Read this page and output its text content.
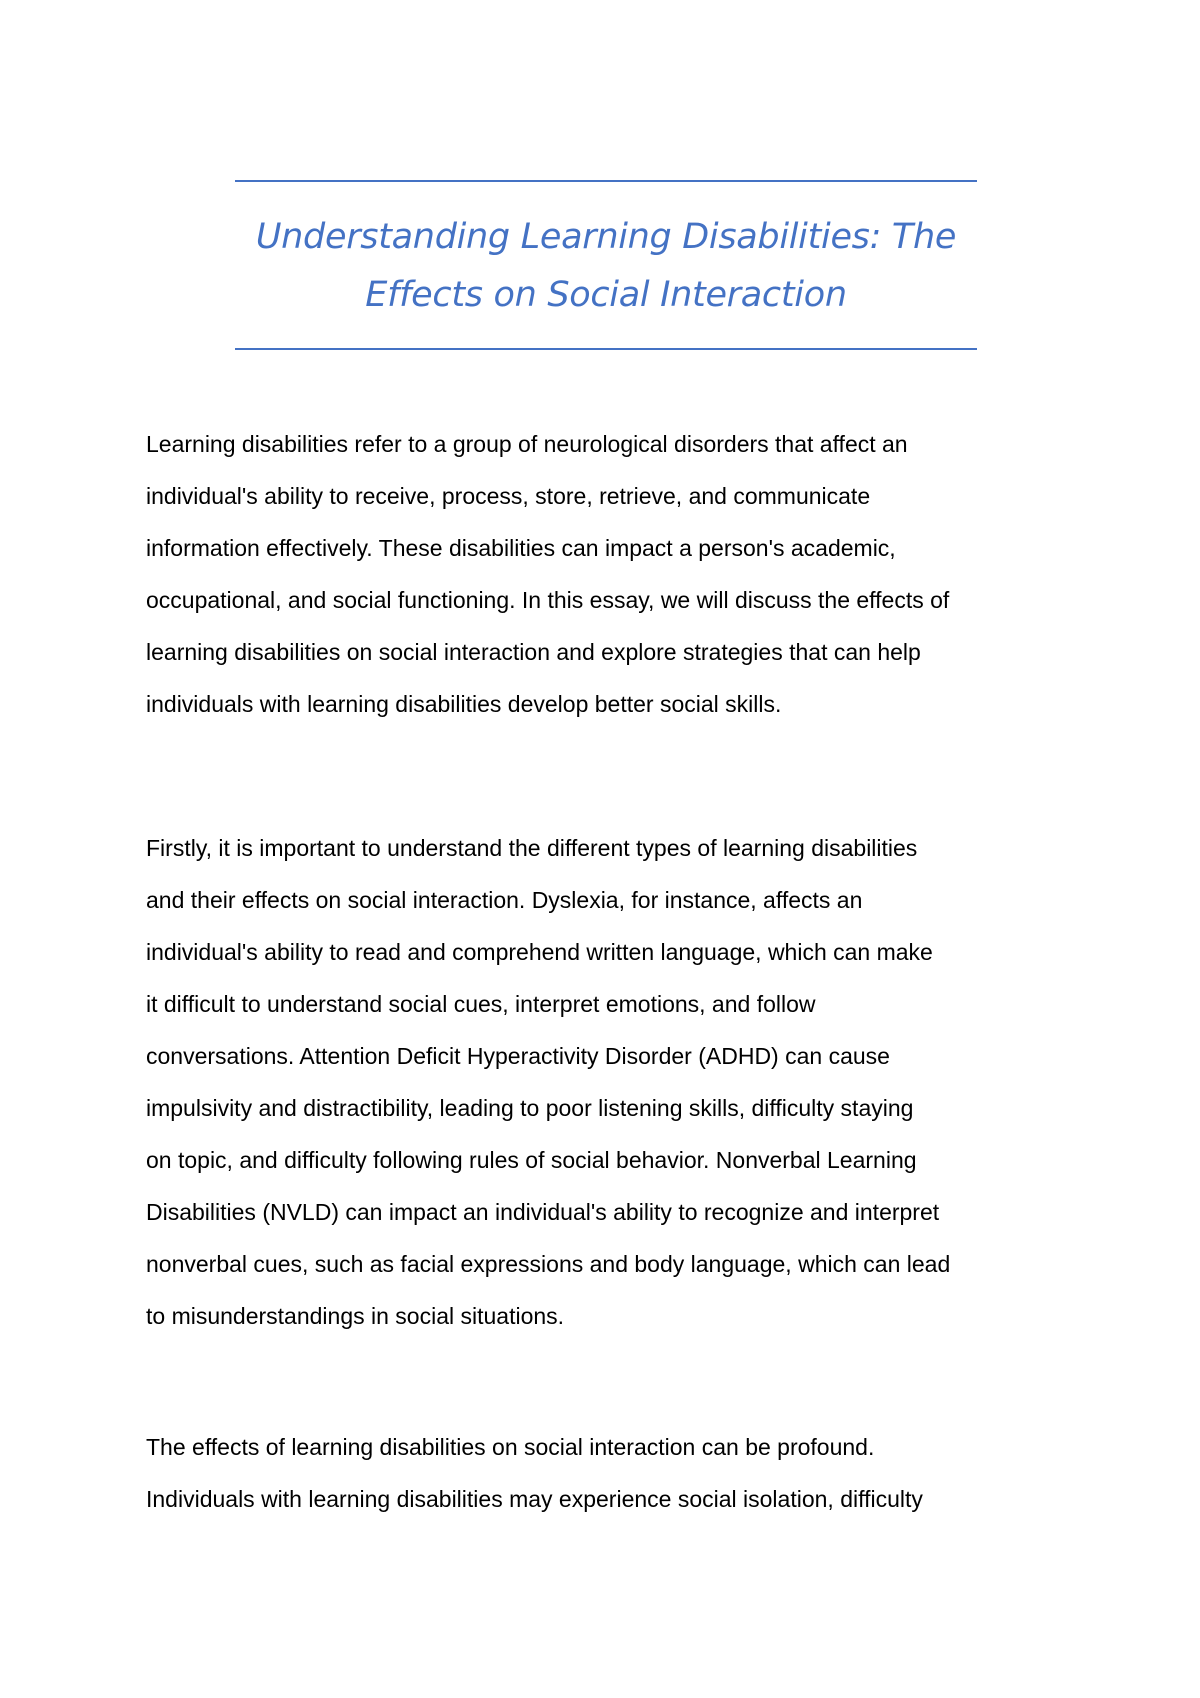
Understanding Learning Disabilities: The
Effects on Social Interaction

Learning disabilities refer to a group of neurological disorders that affect an
individual's ability to receive, process, store, retrieve, and communicate
information effectively. These disabilities can impact a person's academic,
occupational, and social functioning. In this essay, we will discuss the effects of
learning disabilities on social interaction and explore strategies that can help
individuals with learning disabilities develop better social skills.

Firstly, it is important to understand the different types of learning disabilities
and their effects on social interaction. Dyslexia, for instance, affects an
individual's ability to read and comprehend written language, which can make
it difficult to understand social cues, interpret emotions, and follow
conversations. Attention Deficit Hyperactivity Disorder (ADHD) can cause
impulsivity and distractibility, leading to poor listening skills, difficulty staying
on topic, and difficulty following rules of social behavior. Nonverbal Learning
Disabilities (NVLD) can impact an individual's ability to recognize and interpret
nonverbal cues, such as facial expressions and body language, which can lead
to misunderstandings in social situations.

The effects of learning disabilities on social interaction can be profound.
Individuals with learning disabilities may experience social isolation, difficulty
